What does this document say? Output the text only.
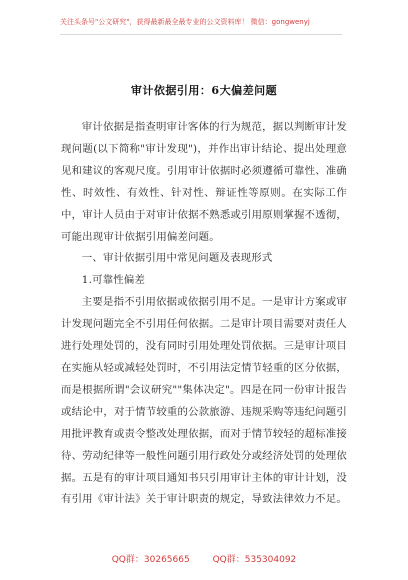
关注头条号"公文研究"，获得最新最全最专业的公文资料库！ 微信：gongwenyj
审计依据引用：6大偏差问题

审计依据是指查明审计客体的行为规范，据以判断审计发现问题(以下简称"审计发现")，并作出审计结论、提出处理意见和建议的客观尺度。引用审计依据时必须遵循可靠性、准确性、时效性、有效性、针对性、辩证性等原则。在实际工作中，审计人员由于对审计依据不熟悉或引用原则掌握不透彻，可能出现审计依据引用偏差问题。

一、审计依据引用中常见问题及表现形式

1.可靠性偏差

主要是指不引用依据或依据引用不足。一是审计方案或审计发现问题完全不引用任何依据。二是审计项目需要对责任人进行处理处罚的，没有同时引用处理处罚依据。三是审计项目在实施从轻或减轻处罚时，不引用法定情节轻重的区分依据，而是根据所谓"会议研究""集体决定"。四是在同一份审计报告或结论中，对于情节较重的公款旅游、违规采购等违纪问题引用批评教育或责令整改处理依据，而对于情节较轻的超标准接待、劳动纪律等一般性问题引用行政处分或经济处罚的处理依据。五是有的审计项目通知书只引用审计主体的审计计划，没有引用《审计法》关于审计职责的规定，导致法律效力不足。

QQ群：30265665	QQ群：535304092
